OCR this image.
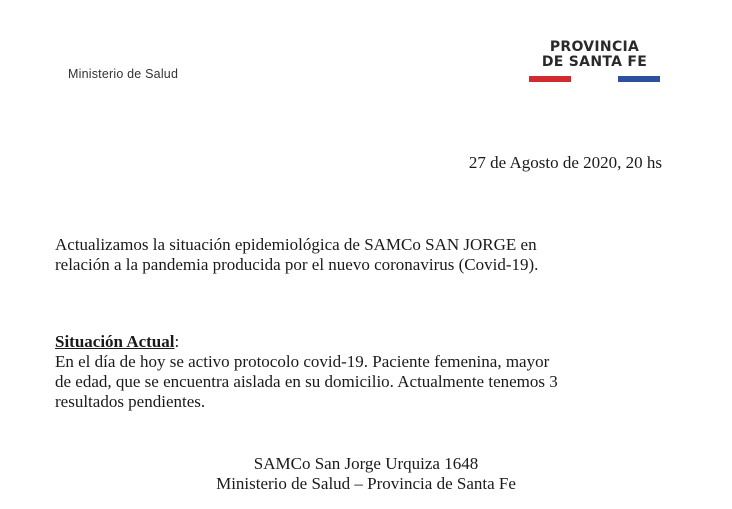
Ministerio de Salud
PROVINCIA
DE SANTA FE
27 de Agosto de 2020, 20 hs
Actualizamos la situación epidemiológica de SAMCo SAN JORGE en
relación a la pandemia producida por el nuevo coronavirus (Covid-19).
Situación Actual:
En el día de hoy se activo protocolo covid-19. Paciente femenina, mayor
de edad, que se encuentra aislada en su domicilio. Actualmente tenemos 3
resultados pendientes.
SAMCo San Jorge Urquiza 1648
Ministerio de Salud – Provincia de Santa Fe
